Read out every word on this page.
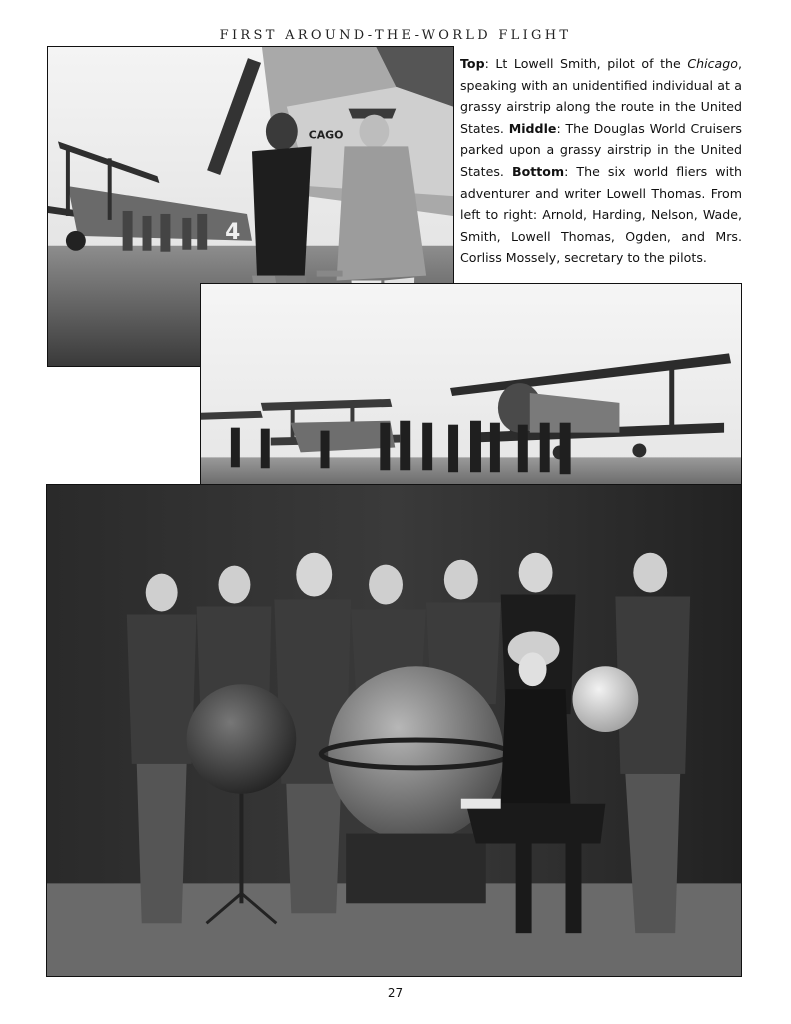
FIRST AROUND-THE-WORLD FLIGHT
4
CAGO
Top: Lt Lowell Smith, pilot of the Chicago, speaking with an unidentified individual at a grassy airstrip along the route in the United States. Middle: The Douglas World Cruisers parked upon a grassy airstrip in the United States. Bottom: The six world fliers with adventurer and writer Lowell Thomas. From left to right: Arnold, Harding, Nelson, Wade, Smith, Lowell Thomas, Ogden, and Mrs. Corliss Mossely, secretary to the pilots.
27
